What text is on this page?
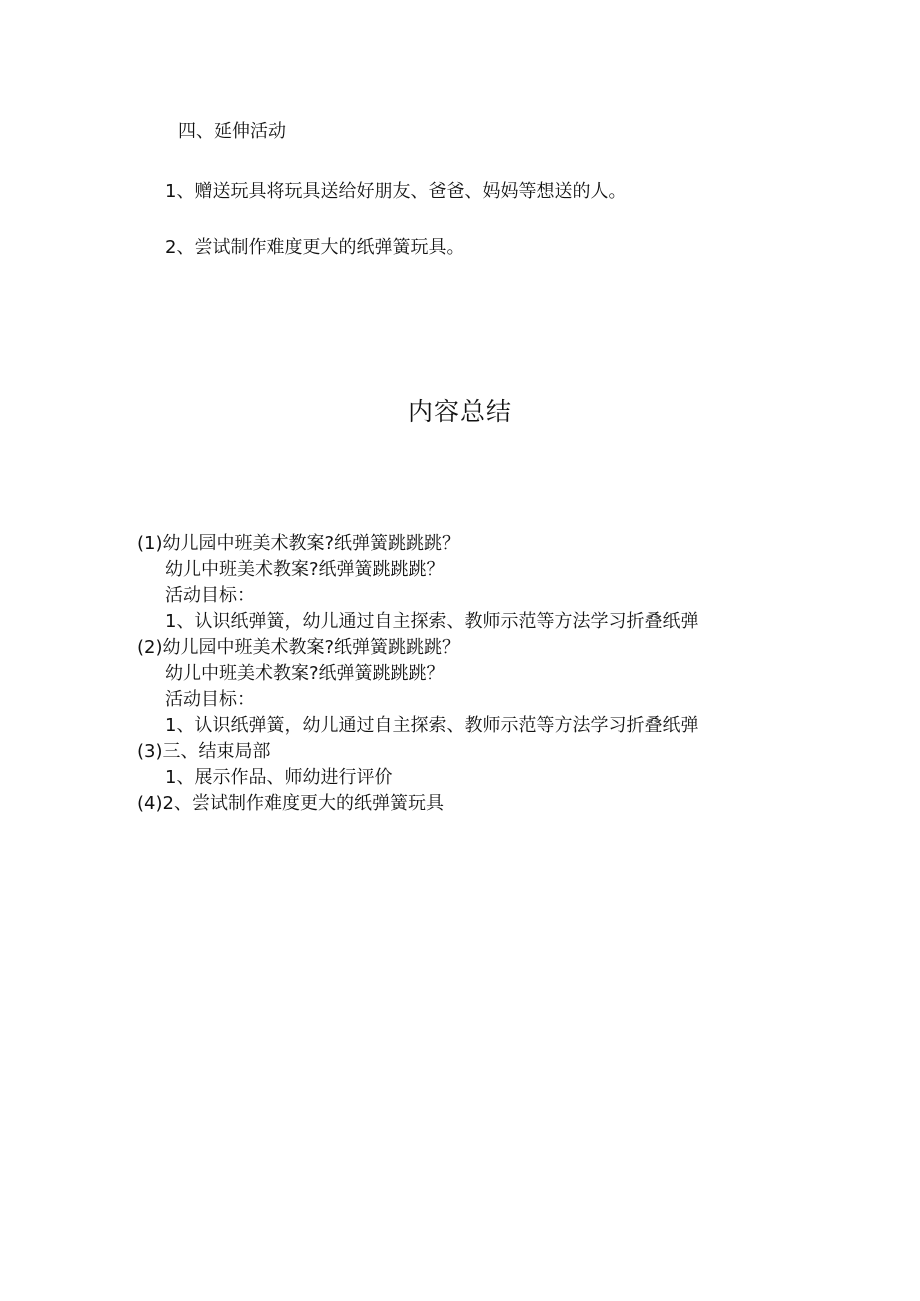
四、延伸活动
1、赠送玩具将玩具送给好朋友、爸爸、妈妈等想送的人。
2、尝试制作难度更大的纸弹簧玩具。
内容总结
(1)幼儿园中班美术教案?纸弹簧跳跳跳？
幼儿中班美术教案?纸弹簧跳跳跳？
活动目标：
1、认识纸弹簧，幼儿通过自主探索、教师示范等方法学习折叠纸弹
(2)幼儿园中班美术教案?纸弹簧跳跳跳？
幼儿中班美术教案?纸弹簧跳跳跳？
活动目标：
1、认识纸弹簧，幼儿通过自主探索、教师示范等方法学习折叠纸弹
(3)三、结束局部
1、展示作品、师幼进行评价
(4)2、尝试制作难度更大的纸弹簧玩具
